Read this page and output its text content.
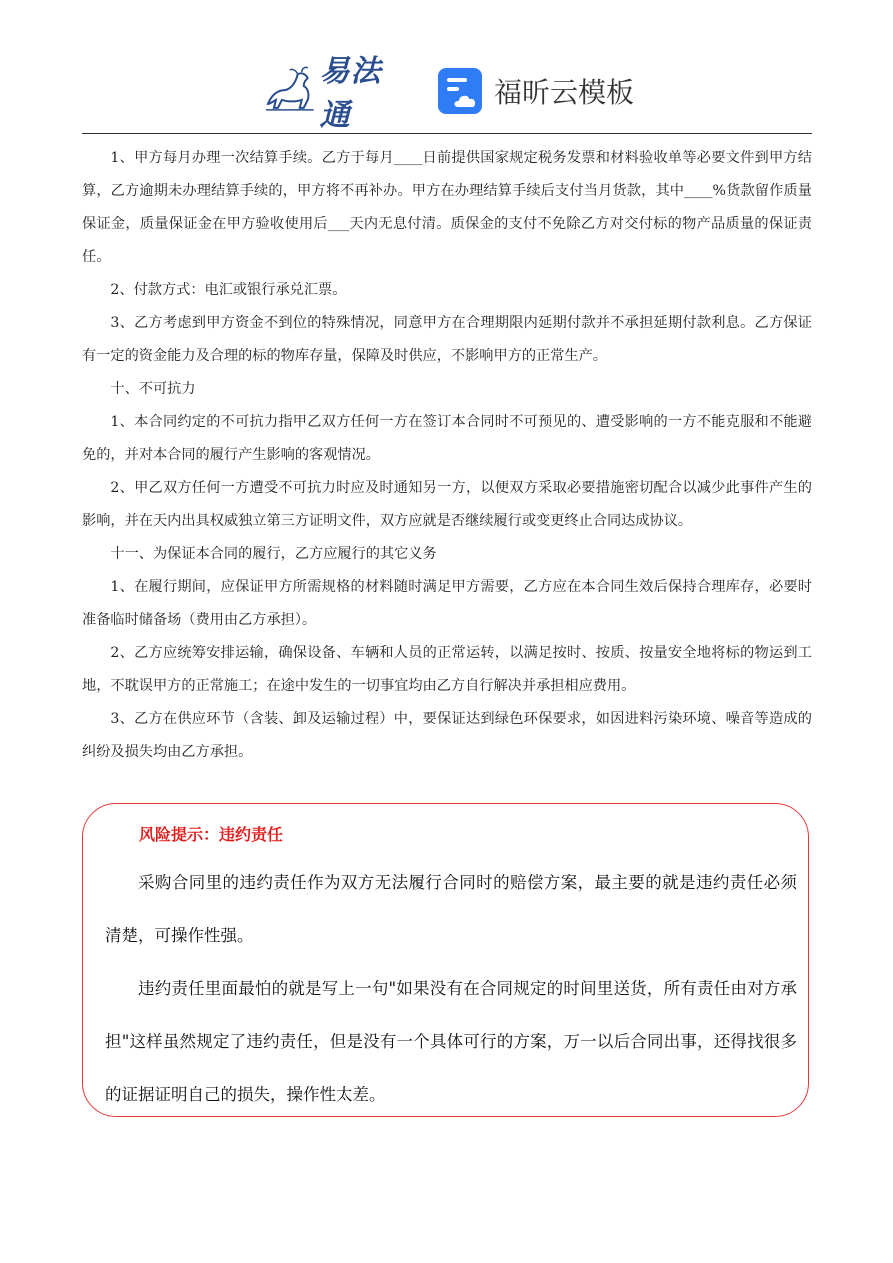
易法通
福昕云模板

1、甲方每月办理一次结算手续。乙方于每月____日前提供国家规定税务发票和材料验收单等必要文件到甲方结算，乙方逾期未办理结算手续的，甲方将不再补办。甲方在办理结算手续后支付当月货款，其中____%货款留作质量保证金，质量保证金在甲方验收使用后___天内无息付清。质保金的支付不免除乙方对交付标的物产品质量的保证责任。

2、付款方式：电汇或银行承兑汇票。

3、乙方考虑到甲方资金不到位的特殊情况，同意甲方在合理期限内延期付款并不承担延期付款利息。乙方保证有一定的资金能力及合理的标的物库存量，保障及时供应，不影响甲方的正常生产。

十、不可抗力

1、本合同约定的不可抗力指甲乙双方任何一方在签订本合同时不可预见的、遭受影响的一方不能克服和不能避免的，并对本合同的履行产生影响的客观情况。

2、甲乙双方任何一方遭受不可抗力时应及时通知另一方，以便双方采取必要措施密切配合以减少此事件产生的影响，并在天内出具权威独立第三方证明文件，双方应就是否继续履行或变更终止合同达成协议。

十一、为保证本合同的履行，乙方应履行的其它义务

1、在履行期间，应保证甲方所需规格的材料随时满足甲方需要，乙方应在本合同生效后保持合理库存，必要时准备临时储备场（费用由乙方承担）。

2、乙方应统筹安排运输，确保设备、车辆和人员的正常运转，以满足按时、按质、按量安全地将标的物运到工地，不耽误甲方的正常施工；在途中发生的一切事宜均由乙方自行解决并承担相应费用。

3、乙方在供应环节（含装、卸及运输过程）中，要保证达到绿色环保要求，如因进料污染环境、噪音等造成的纠纷及损失均由乙方承担。

风险提示：违约责任

采购合同里的违约责任作为双方无法履行合同时的赔偿方案，最主要的就是违约责任必须清楚，可操作性强。

违约责任里面最怕的就是写上一句"如果没有在合同规定的时间里送货，所有责任由对方承担"这样虽然规定了违约责任，但是没有一个具体可行的方案，万一以后合同出事，还得找很多的证据证明自己的损失，操作性太差。
